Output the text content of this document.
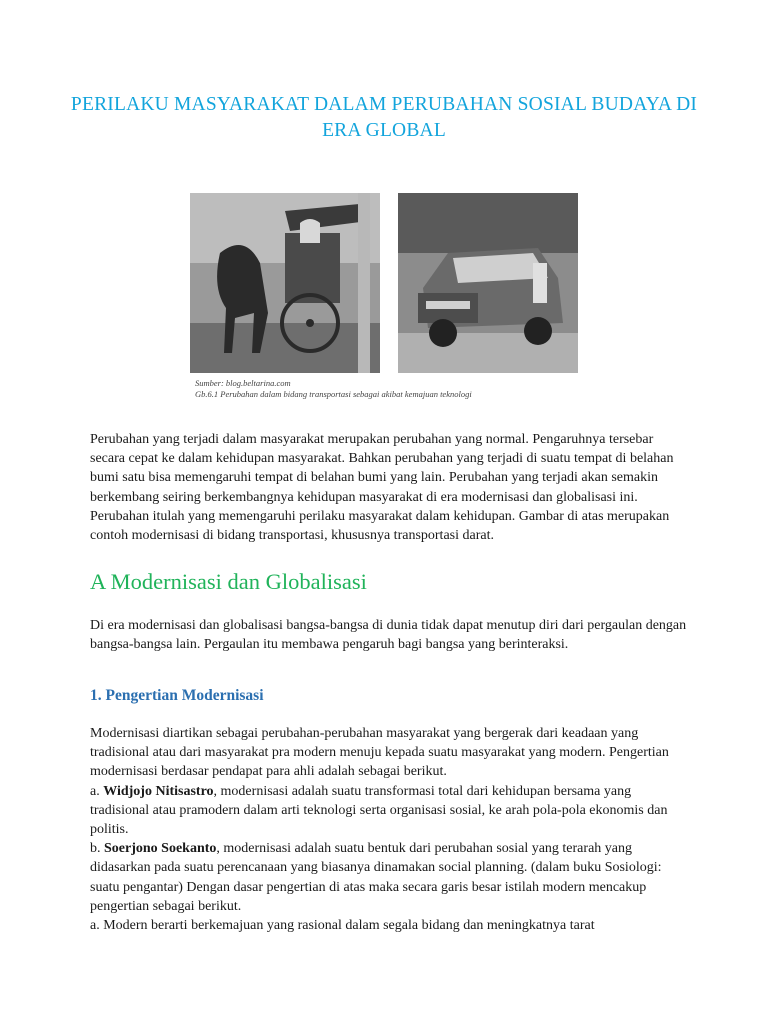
PERILAKU MASYARAKAT DALAM PERUBAHAN SOSIAL BUDAYA DI ERA GLOBAL
Sumber: blog.beltarina.com
Gb.6.1 Perubahan dalam bidang transportasi sebagai akibat kemajuan teknologi

Perubahan yang terjadi dalam masyarakat merupakan perubahan yang normal. Pengaruhnya tersebar secara cepat ke dalam kehidupan masyarakat. Bahkan perubahan yang terjadi di suatu tempat di belahan bumi satu bisa memengaruhi tempat di belahan bumi yang lain. Perubahan yang terjadi akan semakin berkembang seiring berkembangnya kehidupan masyarakat di era modernisasi dan globalisasi ini. Perubahan itulah yang memengaruhi perilaku masyarakat dalam kehidupan. Gambar di atas merupakan contoh modernisasi di bidang transportasi, khususnya transportasi darat.

A Modernisasi dan Globalisasi

Di era modernisasi dan globalisasi bangsa-bangsa di dunia tidak dapat menutup diri dari pergaulan dengan bangsa-bangsa lain. Pergaulan itu membawa pengaruh bagi bangsa yang berinteraksi.

1. Pengertian Modernisasi
Modernisasi diartikan sebagai perubahan-perubahan masyarakat yang bergerak dari keadaan yang tradisional atau dari masyarakat pra modern menuju kepada suatu masyarakat yang modern. Pengertian modernisasi berdasar pendapat para ahli adalah sebagai berikut.
a. Widjojo Nitisastro, modernisasi adalah suatu transformasi total dari kehidupan bersama yang tradisional atau pramodern dalam arti teknologi serta organisasi sosial, ke arah pola-pola ekonomis dan politis.
b. Soerjono Soekanto, modernisasi adalah suatu bentuk dari perubahan sosial yang terarah yang didasarkan pada suatu perencanaan yang biasanya dinamakan social planning. (dalam buku Sosiologi: suatu pengantar) Dengan dasar pengertian di atas maka secara garis besar istilah modern mencakup pengertian sebagai berikut.
a. Modern berarti berkemajuan yang rasional dalam segala bidang dan meningkatnya tarat
